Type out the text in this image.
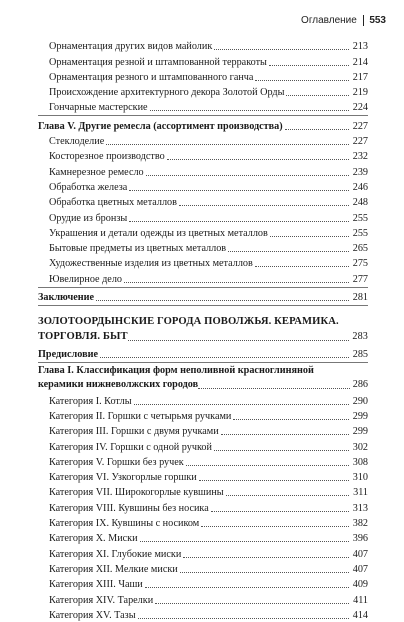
Оглавление 553
Орнаментация других видов майолик	213
Орнаментация резной и штампованной терракоты	214
Орнаментация резного и штампованного ганча	217
Происхождение архитектурного декора Золотой Орды	219
Гончарные мастерские	224
Глава V. Другие ремесла (ассортимент производства)	227
Стеклоделие	227
Косторезное производство	232
Камнерезное ремесло	239
Обработка железа	246
Обработка цветных металлов	248
Орудие из бронзы	255
Украшения и детали одежды из цветных металлов	255
Бытовые предметы из цветных металлов	265
Художественные изделия из цветных металлов	275
Ювелирное дело	277
Заключение	281
ЗОЛОТООРДЫНСКИЕ ГОРОДА ПОВОЛЖЬЯ. КЕРАМИКА.
ТОРГОВЛЯ. БЫТ	283
Предисловие	285
Глава I. Классификация форм неполивной красноглиняной
керамики нижневолжских городов	286
Категория I. Котлы	290
Категория II. Горшки с четырьмя ручками	299
Категория III. Горшки с двумя ручками	299
Категория IV. Горшки с одной ручкой	302
Категория V. Горшки без ручек	308
Категория VI. Узкогорлые горшки	310
Категория VII. Широкогорлые кувшины	311
Категория VIII. Кувшины без носика	313
Категория IX. Кувшины с носиком	382
Категория X. Миски	396
Категория XI. Глубокие миски	407
Категория XII. Мелкие миски	407
Категория XIII. Чаши	409
Категория XIV. Тарелки	411
Категория XV. Тазы	414
